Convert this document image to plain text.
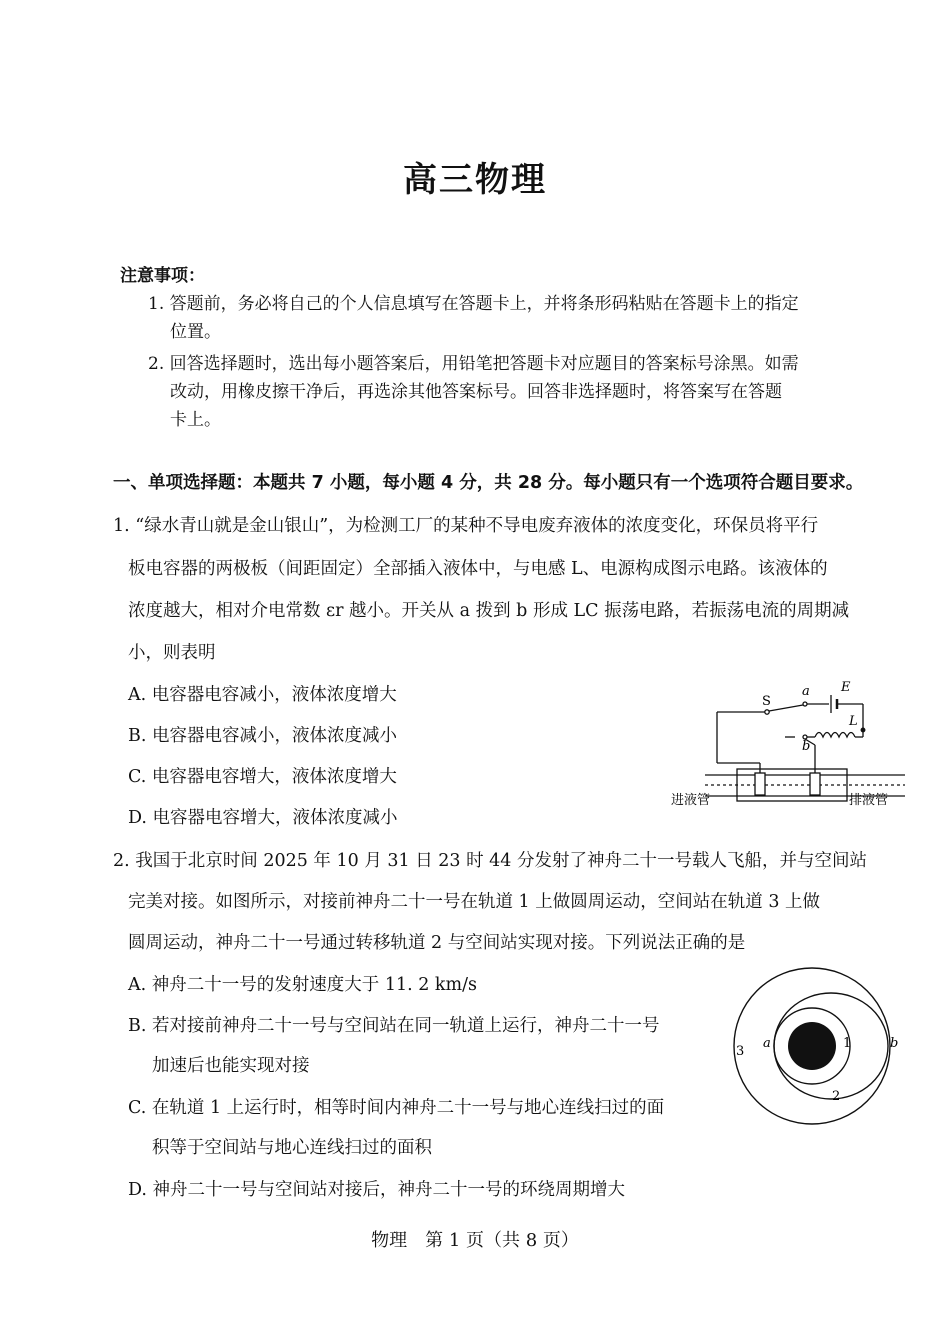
高三物理
注意事项：
1. 答题前，务必将自己的个人信息填写在答题卡上，并将条形码粘贴在答题卡上的指定
位置。
2. 回答选择题时，选出每小题答案后，用铅笔把答题卡对应题目的答案标号涂黑。如需
改动，用橡皮擦干净后，再选涂其他答案标号。回答非选择题时，将答案写在答题
卡上。
一、单项选择题：本题共 7 小题，每小题 4 分，共 28 分。每小题只有一个选项符合题目要求。
1. “绿水青山就是金山银山”，为检测工厂的某种不导电废弃液体的浓度变化，环保员将平行
板电容器的两极板（间距固定）全部插入液体中，与电感 L、电源构成图示电路。该液体的
浓度越大，相对介电常数 εr 越小。开关从 a 拨到 b 形成 LC 振荡电路，若振荡电流的周期减
小，则表明
A. 电容器电容减小，液体浓度增大
B. 电容器电容减小，液体浓度减小
C. 电容器电容增大，液体浓度增大
D. 电容器电容增大，液体浓度减小
S
a E
L
b
进液管	排液管
2. 我国于北京时间 2025 年 10 月 31 日 23 时 44 分发射了神舟二十一号载人飞船，并与空间站
完美对接。如图所示，对接前神舟二十一号在轨道 1 上做圆周运动，空间站在轨道 3 上做
圆周运动，神舟二十一号通过转移轨道 2 与空间站实现对接。下列说法正确的是
A. 神舟二十一号的发射速度大于 11. 2 km/s
B. 若对接前神舟二十一号与空间站在同一轨道上运行，神舟二十一号
加速后也能实现对接
C. 在轨道 1 上运行时，相等时间内神舟二十一号与地心连线扫过的面
积等于空间站与地心连线扫过的面积
D. 神舟二十一号与空间站对接后，神舟二十一号的环绕周期增大
3
a	1	b
2
物理　第 1 页（共 8 页）
